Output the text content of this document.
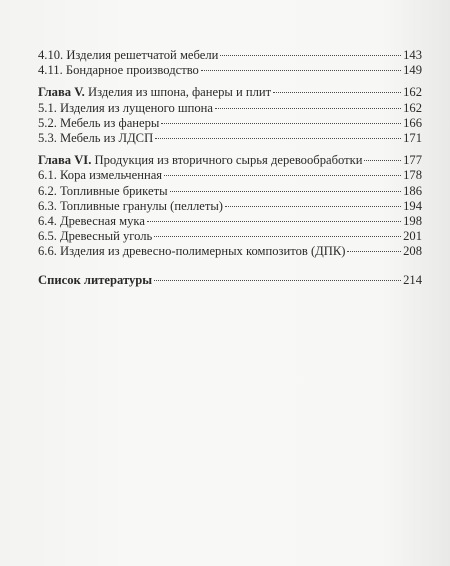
4.10. Изделия решетчатой мебели	143
4.11. Бондарное производство	149
Глава V. Изделия из шпона, фанеры и плит	162
5.1. Изделия из лущеного шпона	162
5.2. Мебель из фанеры	166
5.3. Мебель из ЛДСП	171
Глава VI. Продукция из вторичного сырья деревообработки	177
6.1. Кора измельченная	178
6.2. Топливные брикеты	186
6.3. Топливные гранулы (пеллеты)	194
6.4. Древесная мука	198
6.5. Древесный уголь	201
6.6. Изделия из древесно-полимерных композитов (ДПК)	208
Список литературы	214
